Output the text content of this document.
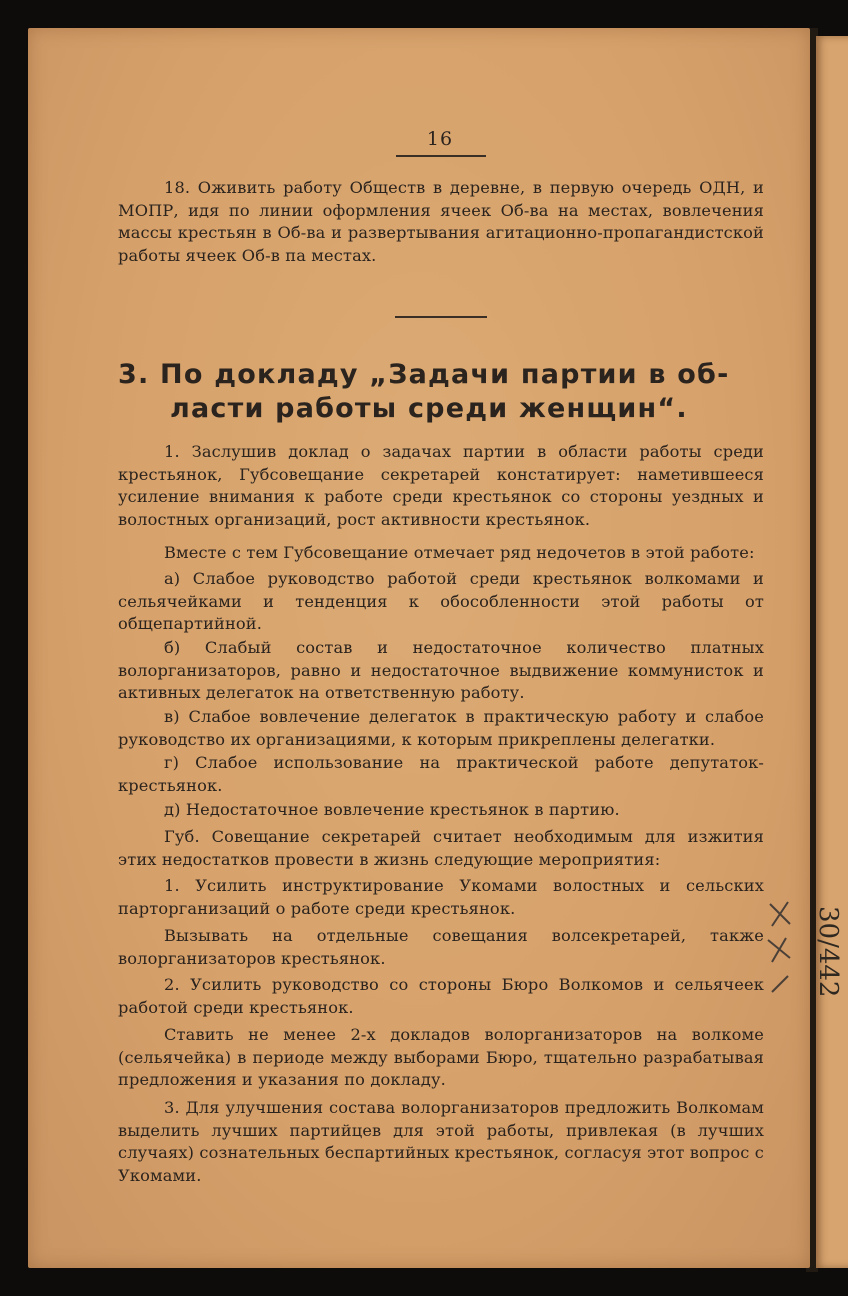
16
18. Оживить работу Обществ в деревне, в первую очередь ОДН, и МОПР, идя по линии оформления ячеек Об-ва на местах, вовлечения массы крестьян в Об-ва и развертывания агитационно-пропагандистской работы ячеек Об-в па местах.
3. По докладу „Задачи партии в об-
ласти работы среди женщин“.
1. Заслушив доклад о задачах партии в области работы среди крестьянок, Губсовещание секретарей констатирует: наметившееся усиление внимания к работе среди крестьянок со стороны уездных и волостных организаций, рост активности крестьянок.
Вместе с тем Губсовещание отмечает ряд недочетов в этой работе:
а) Слабое руководство работой среди крестьянок волкомами и сельячейками и тенденция к обособленности этой работы от общепартийной.
б) Слабый состав и недостаточное количество платных волорганизаторов, равно и недостаточное выдвижение коммунисток и активных делегаток на ответственную работу.
в) Слабое вовлечение делегаток в практическую работу и слабое руководство их организациями, к которым прикреплены делегатки.
г) Слабое использование на практической работе депутаток-крестьянок.
д) Недостаточное вовлечение крестьянок в партию.
Губ. Совещание секретарей считает необходимым для изжития этих недостатков провести в жизнь следующие мероприятия:
1. Усилить инструктирование Укомами волостных и сельских парторганизаций о работе среди крестьянок.
Вызывать на отдельные совещания волсекретарей, также волорганизаторов крестьянок.
2. Усилить руководство со стороны Бюро Волкомов и сельячеек работой среди крестьянок.
Ставить не менее 2-х докладов волорганизаторов на волкоме (сельячейка) в периоде между выборами Бюро, тщательно разрабатывая предложения и указания по докладу.
3. Для улучшения состава волорганизаторов предложить Волкомам выделить лучших партийцев для этой работы, привлекая (в лучших случаях) сознательных беспартийных крестьянок, согласуя этот вопрос с Укомами.
30/442
